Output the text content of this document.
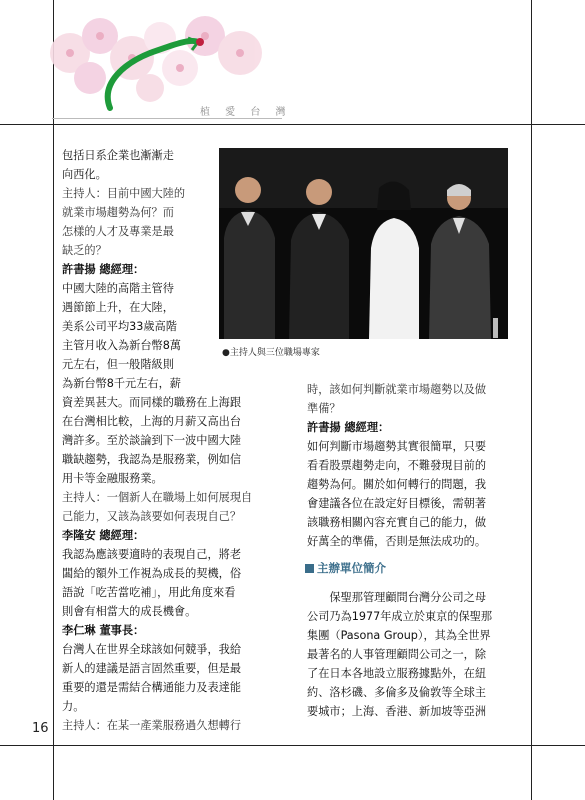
植 愛 台 灣

包括日系企業也漸漸走

向西化。

主持人：目前中國大陸的

就業市場趨勢為何？而

怎樣的人才及專業是最

缺乏的？

許書揚 總經理：

中國大陸的高階主管待

遇節節上升，在大陸，

美系公司平均33歲高階

主管月收入為新台幣8萬

元左右，但一般階級則

為新台幣8千元左右，薪

資差異甚大。而同樣的職務在上海跟

在台灣相比較，上海的月薪又高出台

灣許多。至於談論到下一波中國大陸

職缺趨勢，我認為是服務業，例如信

用卡等金融服務業。

主持人：一個新人在職場上如何展現自

己能力，又該為該要如何表現自己？

李隆安 總經理：

我認為應該要適時的表現自己，將老

闆給的額外工作視為成長的契機，俗

語說「吃苦當吃補」，用此角度來看

則會有相當大的成長機會。

李仁琳 董事長：

台灣人在世界全球該如何競爭，我給

新人的建議是語言固然重要，但是最

重要的還是需結合構通能力及表達能

力。

主持人：在某一產業服務過久想轉行

●主持人與三位職場專家

時，該如何判斷就業市場趨勢以及做

準備？

許書揚 總經理：

如何判斷市場趨勢其實很簡單，只要

看看股票趨勢走向，不難發現目前的

趨勢為何。關於如何轉行的問題，我

會建議各位在設定好目標後，需朝著

該職務相關內容充實自己的能力，做

好萬全的準備，否則是無法成功的。

主辦單位簡介

　　保聖那管理顧問台灣分公司之母

公司乃為1977年成立於東京的保聖那

集團（Pasona Group），其為全世界

最著名的人事管理顧問公司之一，除

了在日本各地設立服務據點外，在紐

約、洛杉磯、多倫多及倫敦等全球主

要城市；上海、香港、新加坡等亞洲

16
